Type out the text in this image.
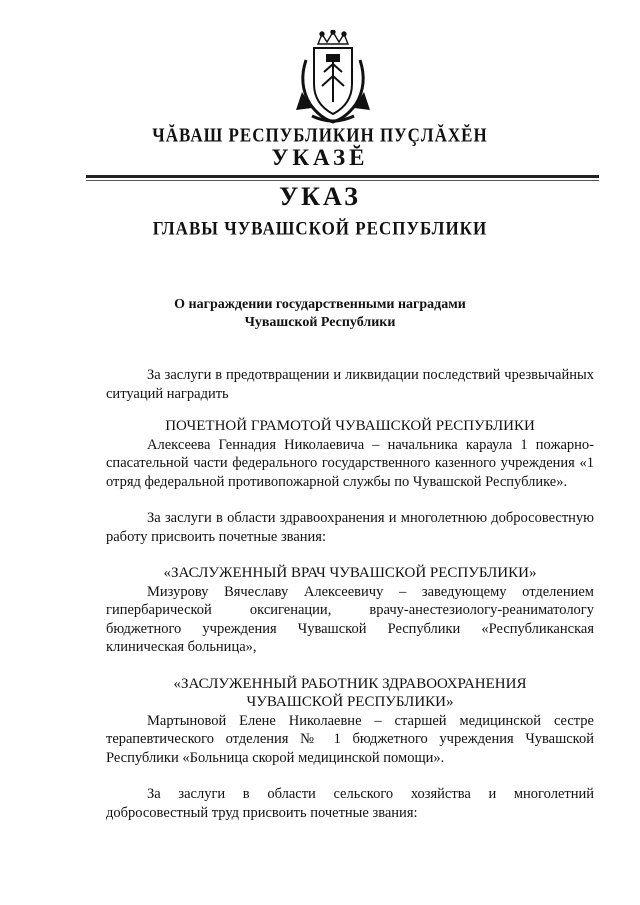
ЧĂВАШ РЕСПУБЛИКИН ПУÇЛĂХĔН
УКАЗĔ
УКАЗ
ГЛАВЫ ЧУВАШСКОЙ РЕСПУБЛИКИ
О награждении государственными наградами
Чувашской Республики

За заслуги в предотвращении и ликвидации последствий чрезвычайных ситуаций наградить

ПОЧЕТНОЙ ГРАМОТОЙ ЧУВАШСКОЙ РЕСПУБЛИКИ

Алексеева Геннадия Николаевича – начальника караула 1 пожарно-спасательной части федерального государственного казенного учреждения «1 отряд федеральной противопожарной службы по Чувашской Республике».

За заслуги в области здравоохранения и многолетнюю добросовестную работу присвоить почетные звания:

«ЗАСЛУЖЕННЫЙ ВРАЧ ЧУВАШСКОЙ РЕСПУБЛИКИ»

Мизурову Вячеславу Алексеевичу – заведующему отделением гипербарической оксигенации, врачу-анестезиологу-реаниматологу бюджетного учреждения Чувашской Республики «Республиканская клиническая больница»,

«ЗАСЛУЖЕННЫЙ РАБОТНИК ЗДРАВООХРАНЕНИЯ
ЧУВАШСКОЙ РЕСПУБЛИКИ»

Мартыновой Елене Николаевне – старшей медицинской сестре терапевтического отделения № 1 бюджетного учреждения Чувашской Республики «Больница скорой медицинской помощи».

За заслуги в области сельского хозяйства и многолетний добросовестный труд присвоить почетные звания:
